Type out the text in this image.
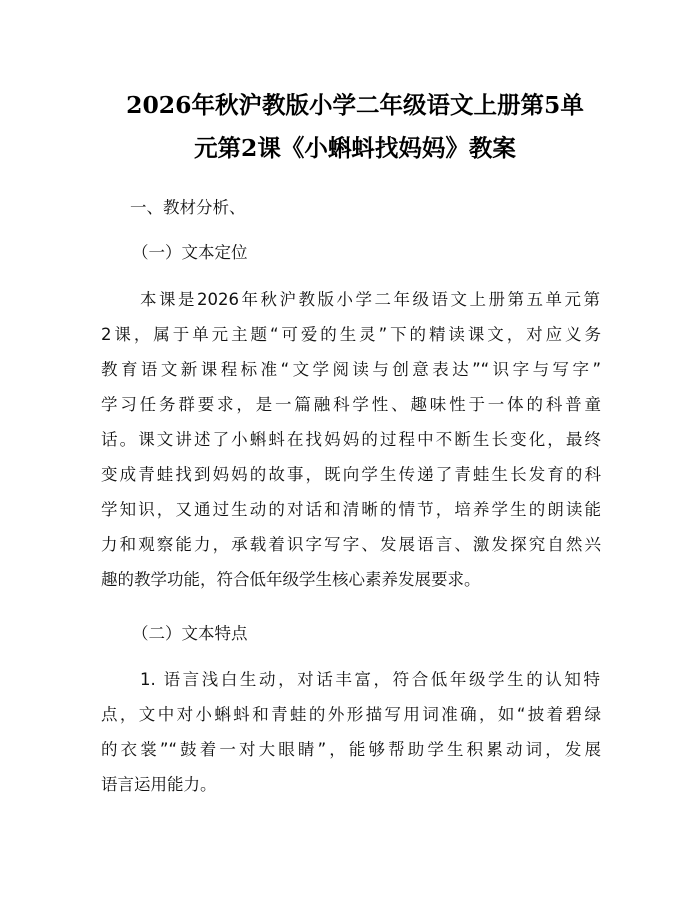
2026年秋沪教版小学二年级语文上册第5单
元第2课《小蝌蚪找妈妈》教案
一、教材分析、
（一）文本定位
本课是2026年秋沪教版小学二年级语文上册第五单元第
2课，属于单元主题“可爱的生灵”下的精读课文，对应义务
教育语文新课程标准“文学阅读与创意表达”“识字与写字”
学习任务群要求，是一篇融科学性、趣味性于一体的科普童
话。课文讲述了小蝌蚪在找妈妈的过程中不断生长变化，最终
变成青蛙找到妈妈的故事，既向学生传递了青蛙生长发育的科
学知识，又通过生动的对话和清晰的情节，培养学生的朗读能
力和观察能力，承载着识字写字、发展语言、激发探究自然兴
趣的教学功能，符合低年级学生核心素养发展要求。
（二）文本特点
1. 语言浅白生动，对话丰富，符合低年级学生的认知特
点，文中对小蝌蚪和青蛙的外形描写用词准确，如“披着碧绿
的衣裳”“鼓着一对大眼睛”，能够帮助学生积累动词，发展
语言运用能力。
